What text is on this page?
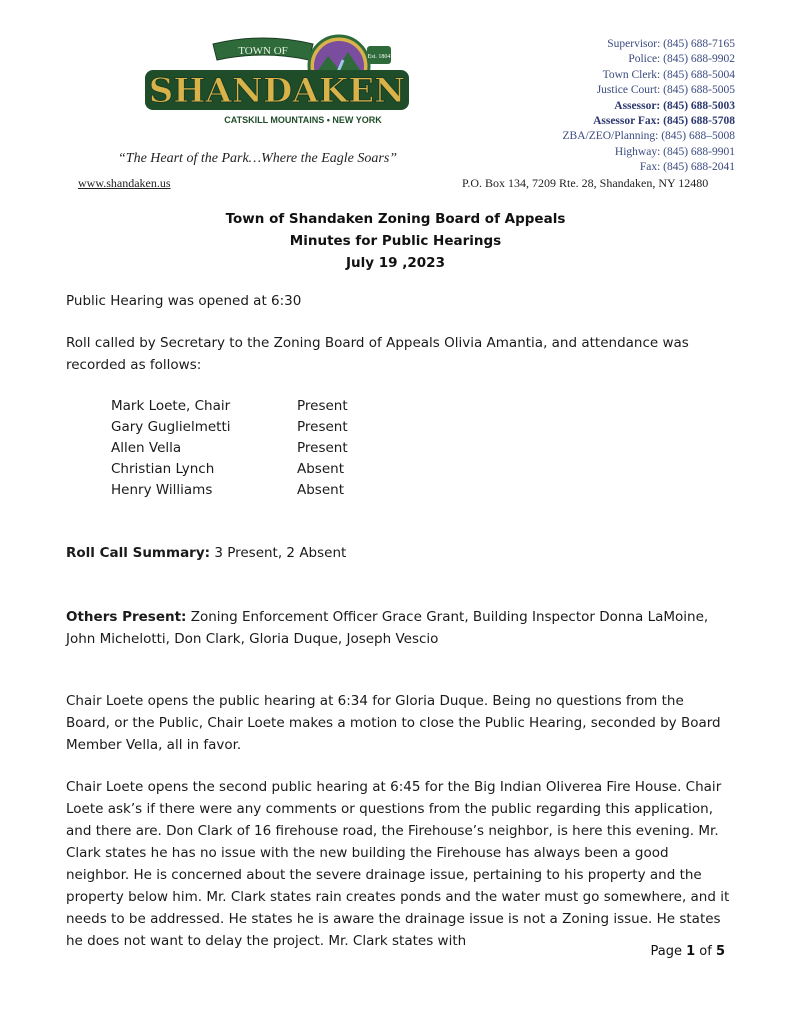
TOWN OF	Est. 1804
SHANDAKEN
CATSKILL MOUNTAINS • NEW YORK
“The Heart of the Park…Where the Eagle Soars”
www.shandaken.us
Supervisor: (845) 688-7165
Police: (845) 688-9902
Town Clerk: (845) 688-5004
Justice Court: (845) 688-5005
Assessor: (845) 688-5003
Assessor Fax: (845) 688-5708
ZBA/ZEO/Planning: (845) 688–5008
Highway: (845) 688-9901
Fax: (845) 688-2041
P.O. Box 134, 7209 Rte. 28, Shandaken, NY 12480
Town of Shandaken Zoning Board of Appeals
Minutes for Public Hearings
July 19 ,2023
Public Hearing was opened at 6:30
Roll called by Secretary to the Zoning Board of Appeals Olivia Amantia, and attendance was recorded as follows:
Mark Loete, Chair	Present
Gary Guglielmetti	Present
Allen Vella	Present
Christian Lynch	Absent
Henry Williams	Absent
Roll Call Summary: 3 Present, 2 Absent
Others Present: Zoning Enforcement Officer Grace Grant, Building Inspector Donna LaMoine, John Michelotti, Don Clark, Gloria Duque, Joseph Vescio
Chair Loete opens the public hearing at 6:34 for Gloria Duque. Being no questions from the Board, or the Public, Chair Loete makes a motion to close the Public Hearing, seconded by Board Member Vella, all in favor.
Chair Loete opens the second public hearing at 6:45 for the Big Indian Oliverea Fire House. Chair Loete ask’s if there were any comments or questions from the public regarding this application, and there are. Don Clark of 16 firehouse road, the Firehouse’s neighbor, is here this evening. Mr. Clark states he has no issue with the new building the Firehouse has always been a good neighbor. He is concerned about the severe drainage issue, pertaining to his property and the property below him. Mr. Clark states rain creates ponds and the water must go somewhere, and it needs to be addressed. He states he is aware the drainage issue is not a Zoning issue. He states he does not want to delay the project. Mr. Clark states with
Page 1 of 5
